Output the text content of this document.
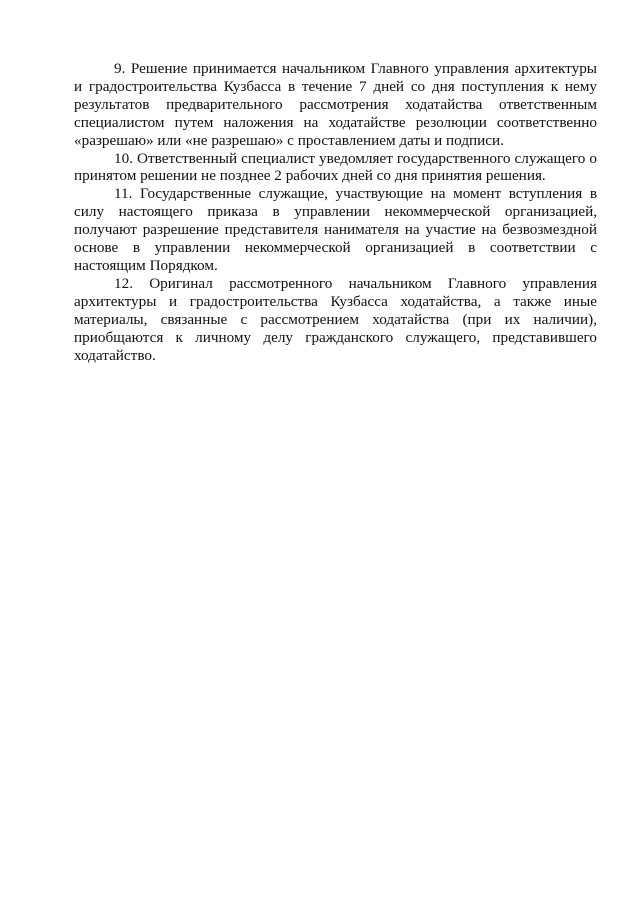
9. Решение принимается начальником Главного управления архитектуры и градостроительства Кузбасса в течение 7 дней со дня поступления к нему результатов предварительного рассмотрения ходатайства ответственным специалистом путем наложения на ходатайстве резолюции соответственно «разрешаю» или «не разрешаю» с проставлением даты и подписи.

10. Ответственный специалист уведомляет государственного служащего о принятом решении не позднее 2 рабочих дней со дня принятия решения.

11. Государственные служащие, участвующие на момент вступления в силу настоящего приказа в управлении некоммерческой организацией, получают разрешение представителя нанимателя на участие на безвозмездной основе в управлении некоммерческой организацией в соответствии с настоящим Порядком.

12. Оригинал рассмотренного начальником Главного управления архитектуры и градостроительства Кузбасса ходатайства, а также иные материалы, связанные с рассмотрением ходатайства (при их наличии), приобщаются к личному делу гражданского служащего, представившего ходатайство.
